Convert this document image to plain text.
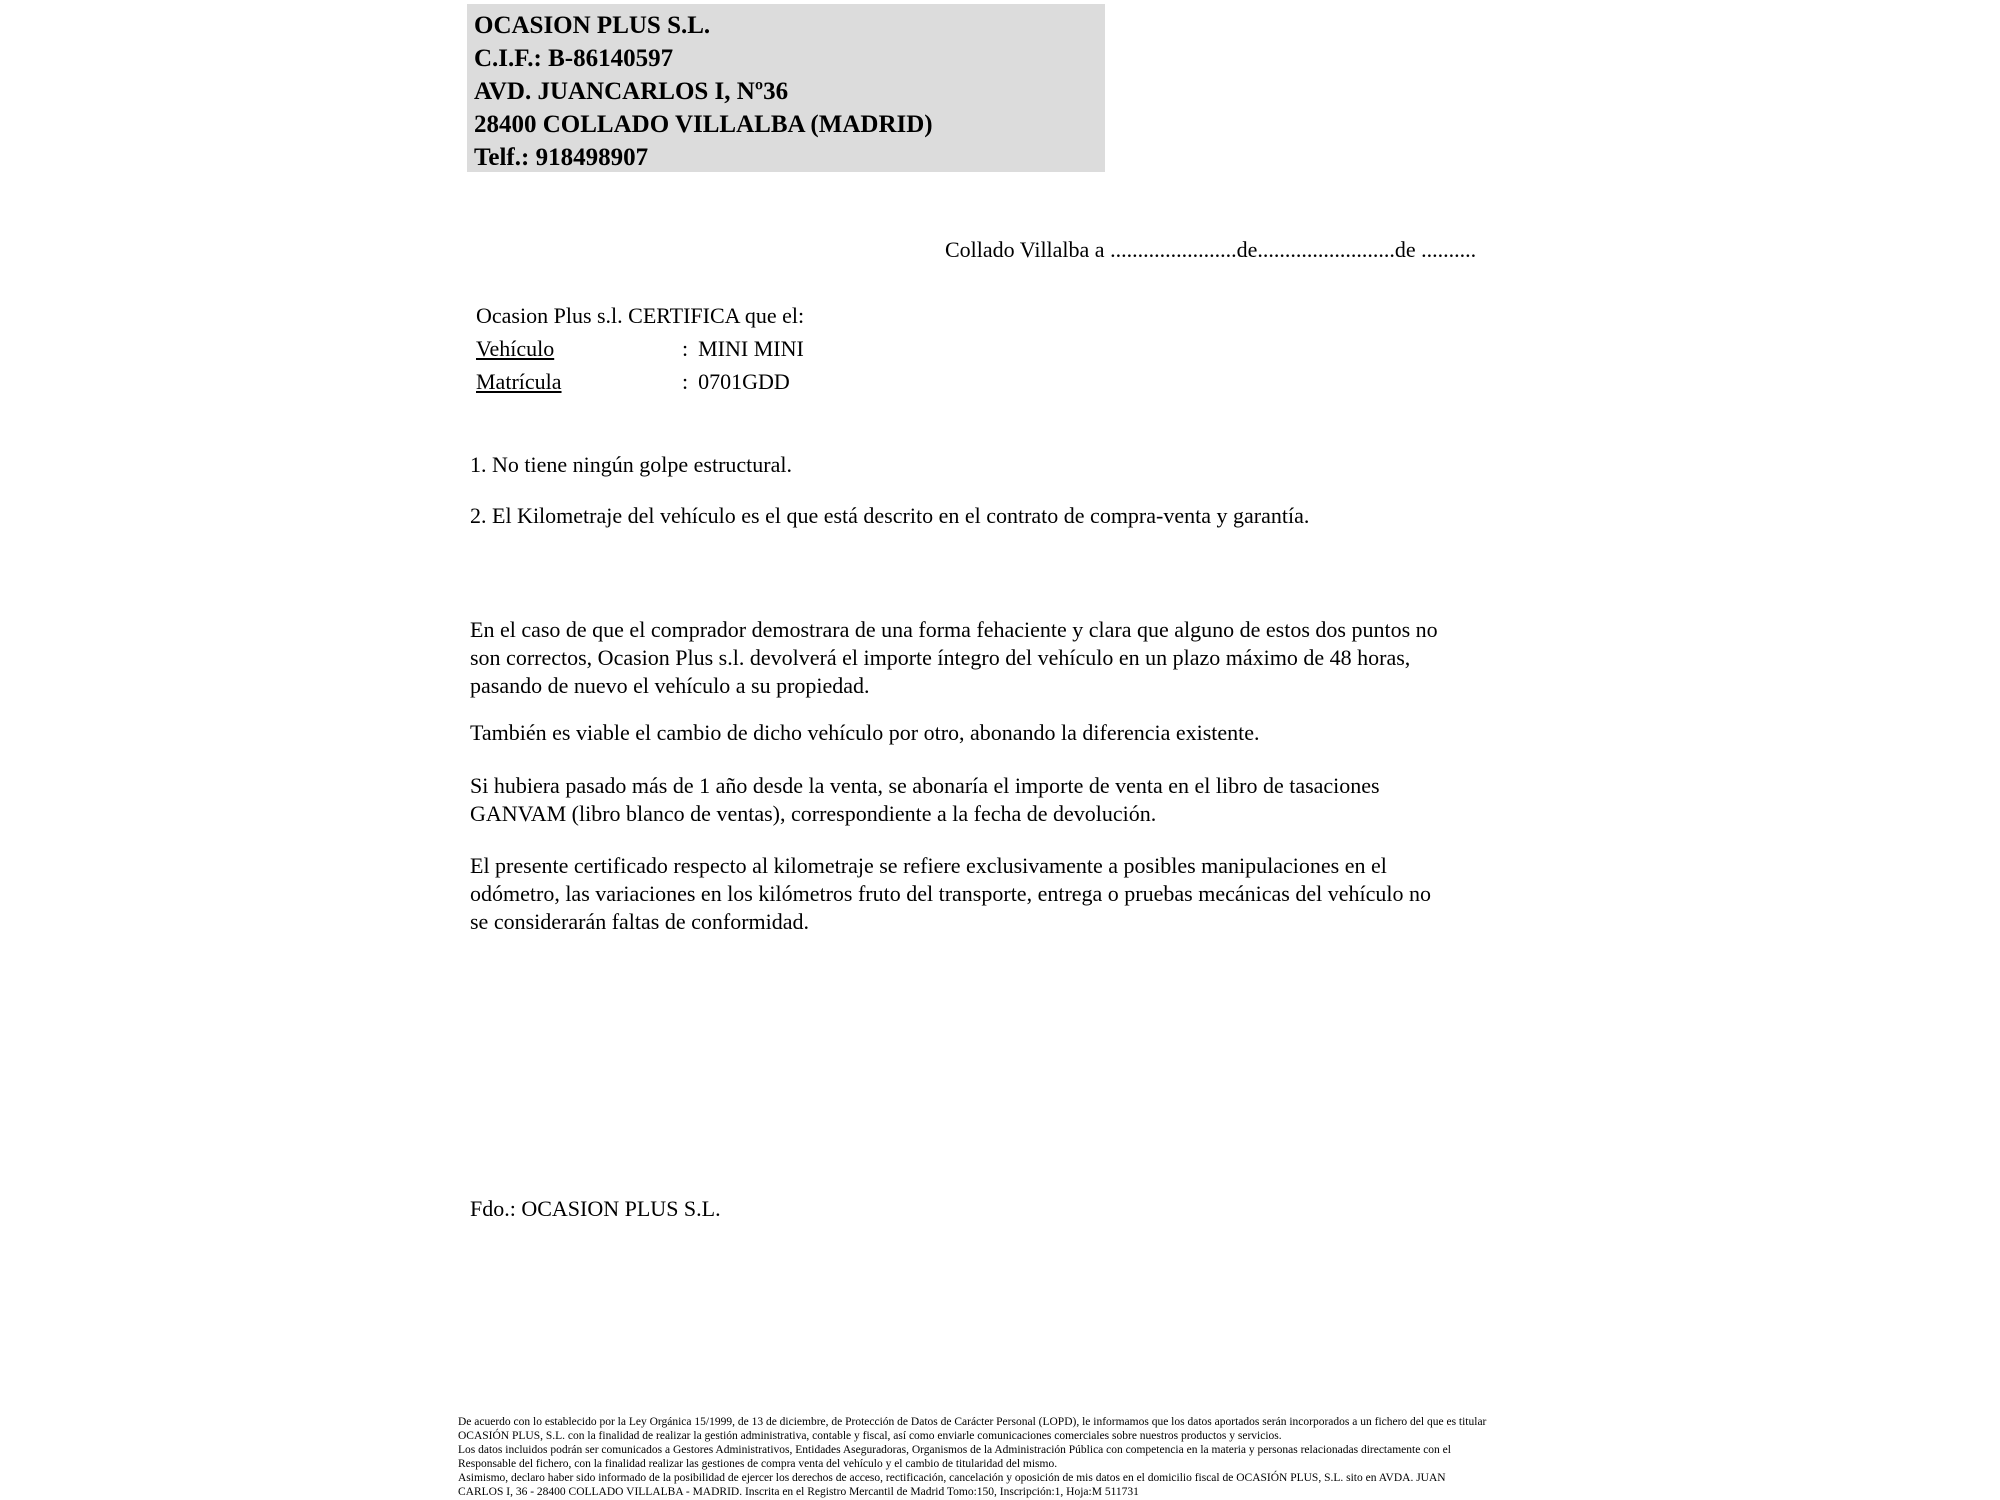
OCASION PLUS S.L.
C.I.F.: B-86140597
AVD. JUANCARLOS I, Nº36
28400 COLLADO VILLALBA (MADRID)
Telf.: 918498907
Collado Villalba a .......................de.........................de ..........
Ocasion Plus s.l. CERTIFICA que el:
Vehículo	: MINI MINI
Matrícula	: 0701GDD
1. No tiene ningún golpe estructural.
2. El Kilometraje del vehículo es el que está descrito en el contrato de compra-venta y garantía.
En el caso de que el comprador demostrara de una forma fehaciente y clara que alguno de estos dos puntos no
son correctos, Ocasion Plus s.l. devolverá el importe íntegro del vehículo en un plazo máximo de 48 horas,
pasando de nuevo el vehículo a su propiedad.
También es viable el cambio de dicho vehículo por otro, abonando la diferencia existente.
Si hubiera pasado más de 1 año desde la venta, se abonaría el importe de venta en el libro de tasaciones
GANVAM (libro blanco de ventas), correspondiente a la fecha de devolución.
El presente certificado respecto al kilometraje se refiere exclusivamente a posibles manipulaciones en el
odómetro, las variaciones en los kilómetros fruto del transporte, entrega o pruebas mecánicas del vehículo no
se considerarán faltas de conformidad.
Fdo.: OCASION PLUS S.L.
De acuerdo con lo establecido por la Ley Orgánica 15/1999, de 13 de diciembre, de Protección de Datos de Carácter Personal (LOPD), le informamos que los datos aportados serán incorporados a un fichero del que es titular
OCASIÓN PLUS, S.L. con la finalidad de realizar la gestión administrativa, contable y fiscal, así como enviarle comunicaciones comerciales sobre nuestros productos y servicios.
Los datos incluidos podrán ser comunicados a Gestores Administrativos, Entidades Aseguradoras, Organismos de la Administración Pública con competencia en la materia y personas relacionadas directamente con el
Responsable del fichero, con la finalidad realizar las gestiones de compra venta del vehículo y el cambio de titularidad del mismo.
Asimismo, declaro haber sido informado de la posibilidad de ejercer los derechos de acceso, rectificación, cancelación y oposición de mis datos en el domicilio fiscal de OCASIÓN PLUS, S.L. sito en AVDA. JUAN
CARLOS I, 36 - 28400 COLLADO VILLALBA - MADRID. Inscrita en el Registro Mercantil de Madrid Tomo:150, Inscripción:1, Hoja:M 511731
